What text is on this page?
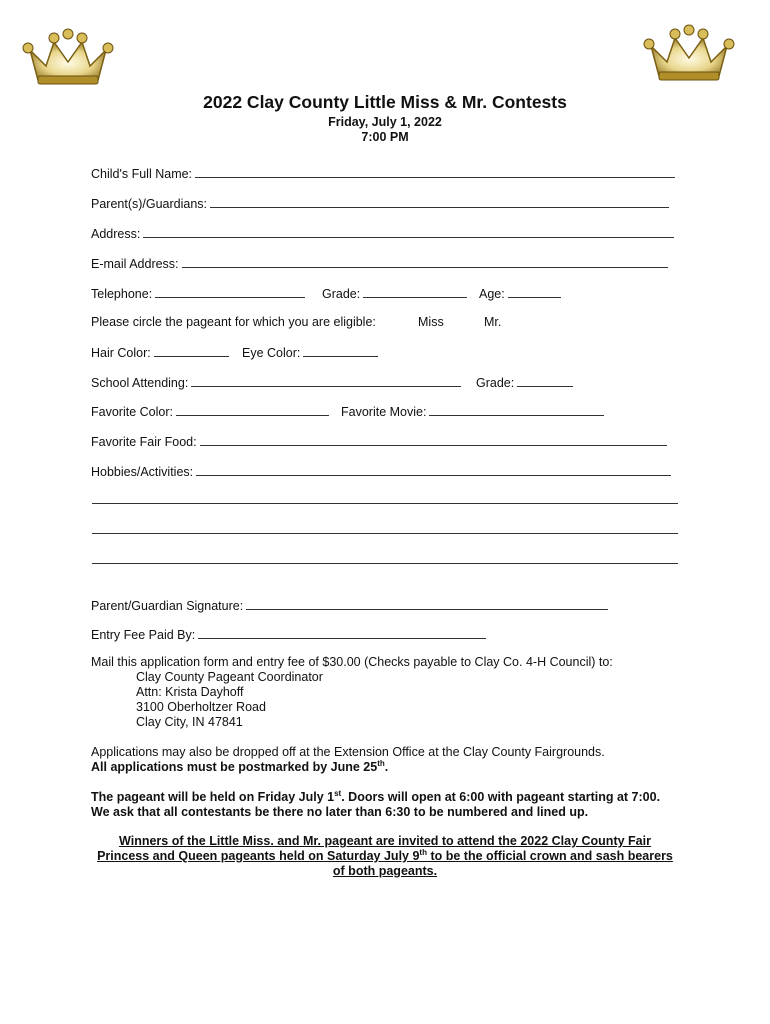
2022 Clay County Little Miss & Mr. Contests
Friday, July 1, 2022
7:00 PM
Child's Full Name:
Parent(s)/Guardians:
Address:
E-mail Address:
Telephone:	Grade:	Age:
Please circle the pageant for which you are eligible:	Miss	Mr.
Hair Color:	Eye Color:
School Attending:	Grade:
Favorite Color:	Favorite Movie:
Favorite Fair Food:
Hobbies/Activities:
Parent/Guardian Signature:
Entry Fee Paid By:
Mail this application form and entry fee of $30.00 (Checks payable to Clay Co. 4-H Council) to:
Clay County Pageant Coordinator
Attn: Krista Dayhoff
3100 Oberholtzer Road
Clay City, IN 47841
Applications may also be dropped off at the Extension Office at the Clay County Fairgrounds.
All applications must be postmarked by June 25th.
The pageant will be held on Friday July 1st. Doors will open at 6:00 with pageant starting at 7:00.
We ask that all contestants be there no later than 6:30 to be numbered and lined up.
Winners of the Little Miss. and Mr. pageant are invited to attend the 2022 Clay County Fair
Princess and Queen pageants held on Saturday July 9th to be the official crown and sash bearers
of both pageants.
